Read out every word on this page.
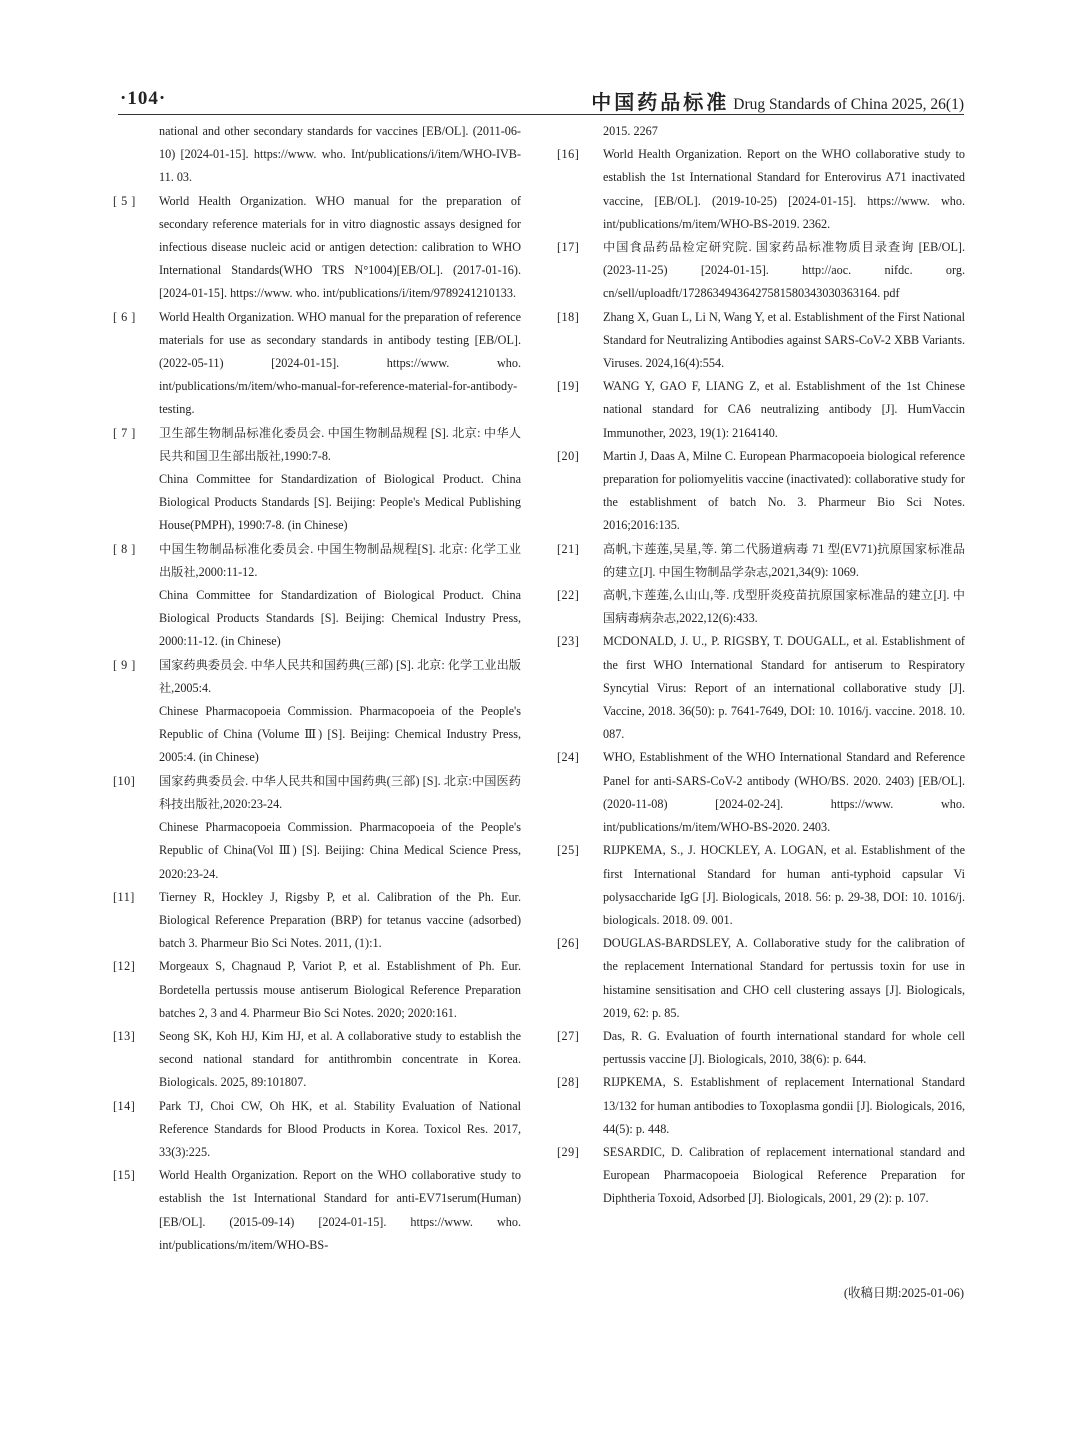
·104·	中国药品标准 Drug Standards of China 2025, 26(1)
national and other secondary standards for vaccines [EB/OL]. (2011-06-10) [2024-01-15]. https://www. who. Int/publications/i/item/WHO-IVB-11. 03.
[ 5 ] World Health Organization. WHO manual for the preparation of secondary reference materials for in vitro diagnostic assays designed for infectious disease nucleic acid or antigen detection: calibration to WHO International Standards(WHO TRS N°1004)[EB/OL]. (2017-01-16). [2024-01-15]. https://www. who. int/publications/i/item/9789241210133.
[ 6 ] World Health Organization. WHO manual for the preparation of reference materials for use as secondary standards in antibody testing [EB/OL]. (2022-05-11) [2024-01-15]. https://www. who. int/publications/m/item/who-manual-for-reference-material-for-antibody-testing.
[ 7 ] 卫生部生物制品标准化委员会. 中国生物制品规程 [S]. 北京: 中华人民共和国卫生部出版社,1990:7-8.
China Committee for Standardization of Biological Product. China Biological Products Standards [S]. Beijing: People's Medical Publishing House(PMPH), 1990:7-8. (in Chinese)
[ 8 ] 中国生物制品标准化委员会. 中国生物制品规程[S]. 北京: 化学工业出版社,2000:11-12.
China Committee for Standardization of Biological Product. China Biological Products Standards [S]. Beijing: Chemical Industry Press, 2000:11-12. (in Chinese)
[ 9 ] 国家药典委员会. 中华人民共和国药典(三部) [S]. 北京: 化学工业出版社,2005:4.
Chinese Pharmacopoeia Commission. Pharmacopoeia of the People's Republic of China (Volume Ⅲ) [S]. Beijing: Chemical Industry Press, 2005:4. (in Chinese)
[10] 国家药典委员会. 中华人民共和国中国药典(三部) [S]. 北京:中国医药科技出版社,2020:23-24.
Chinese Pharmacopoeia Commission. Pharmacopoeia of the People's Republic of China(Vol Ⅲ) [S]. Beijing: China Medical Science Press, 2020:23-24.
[11] Tierney R, Hockley J, Rigsby P, et al. Calibration of the Ph. Eur. Biological Reference Preparation (BRP) for tetanus vaccine (adsorbed) batch 3. Pharmeur Bio Sci Notes. 2011, (1):1.
[12] Morgeaux S, Chagnaud P, Variot P, et al. Establishment of Ph. Eur. Bordetella pertussis mouse antiserum Biological Reference Preparation batches 2, 3 and 4. Pharmeur Bio Sci Notes. 2020; 2020:161.
[13] Seong SK, Koh HJ, Kim HJ, et al. A collaborative study to establish the second national standard for antithrombin concentrate in Korea. Biologicals. 2025, 89:101807.
[14] Park TJ, Choi CW, Oh HK, et al. Stability Evaluation of National Reference Standards for Blood Products in Korea. Toxicol Res. 2017, 33(3):225.
[15] World Health Organization. Report on the WHO collaborative study to establish the 1st International Standard for anti-EV71serum(Human) [EB/OL]. (2015-09-14) [2024-01-15]. https://www. who. int/publications/m/item/WHO-BS-
2015. 2267
[16] World Health Organization. Report on the WHO collaborative study to establish the 1st International Standard for Enterovirus A71 inactivated vaccine, [EB/OL]. (2019-10-25) [2024-01-15]. https://www. who. int/publications/m/item/WHO-BS-2019. 2362.
[17] 中国食品药品检定研究院. 国家药品标准物质目录查询 [EB/OL]. (2023-11-25) [2024-01-15]. http://aoc. nifdc. org. cn/sell/uploadft/17286349436427581580343030363164. pdf
[18] Zhang X, Guan L, Li N, Wang Y, et al. Establishment of the First National Standard for Neutralizing Antibodies against SARS-CoV-2 XBB Variants. Viruses. 2024,16(4):554.
[19] WANG Y, GAO F, LIANG Z, et al. Establishment of the 1st Chinese national standard for CA6 neutralizing antibody [J]. HumVaccin Immunother, 2023, 19(1): 2164140.
[20] Martin J, Daas A, Milne C. European Pharmacopoeia biological reference preparation for poliomyelitis vaccine (inactivated): collaborative study for the establishment of batch No. 3. Pharmeur Bio Sci Notes. 2016;2016:135.
[21] 高帆,卞莲莲,吴星,等. 第二代肠道病毒 71 型(EV71)抗原国家标准品的建立[J]. 中国生物制品学杂志,2021,34(9): 1069.
[22] 高帆,卞莲莲,么山山,等. 戊型肝炎疫苗抗原国家标准品的建立[J]. 中国病毒病杂志,2022,12(6):433.
[23] MCDONALD, J. U., P. RIGSBY, T. DOUGALL, et al. Establishment of the first WHO International Standard for antiserum to Respiratory Syncytial Virus: Report of an international collaborative study [J]. Vaccine, 2018. 36(50): p. 7641-7649, DOI: 10. 1016/j. vaccine. 2018. 10. 087.
[24] WHO, Establishment of the WHO International Standard and Reference Panel for anti-SARS-CoV-2 antibody (WHO/BS. 2020. 2403) [EB/OL]. (2020-11-08) [2024-02-24]. https://www. who. int/publications/m/item/WHO-BS-2020. 2403.
[25] RIJPKEMA, S., J. HOCKLEY, A. LOGAN, et al. Establishment of the first International Standard for human anti-typhoid capsular Vi polysaccharide IgG [J]. Biologicals, 2018. 56: p. 29-38, DOI: 10. 1016/j. biologicals. 2018. 09. 001.
[26] DOUGLAS-BARDSLEY, A. Collaborative study for the calibration of the replacement International Standard for pertussis toxin for use in histamine sensitisation and CHO cell clustering assays [J]. Biologicals, 2019, 62: p. 85.
[27] Das, R. G. Evaluation of fourth international standard for whole cell pertussis vaccine [J]. Biologicals, 2010, 38(6): p. 644.
[28] RIJPKEMA, S. Establishment of replacement International Standard 13/132 for human antibodies to Toxoplasma gondii [J]. Biologicals, 2016, 44(5): p. 448.
[29] SESARDIC, D. Calibration of replacement international standard and European Pharmacopoeia Biological Reference Preparation for Diphtheria Toxoid, Adsorbed [J]. Biologicals, 2001, 29 (2): p. 107.
(收稿日期:2025-01-06)
